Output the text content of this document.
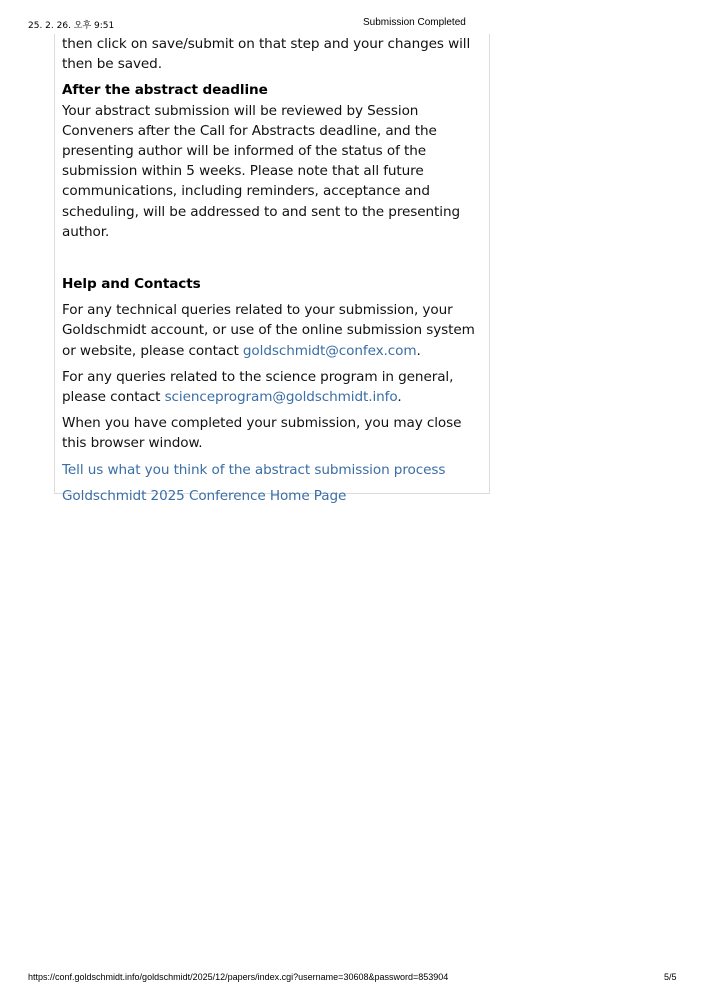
25. 2. 26. 오후 9:51	Submission Completed

then click on save/submit on that step and your changes will then be saved.

After the abstract deadline

Your abstract submission will be reviewed by Session Conveners after the Call for Abstracts deadline, and the presenting author will be informed of the status of the submission within 5 weeks. Please note that all future communications, including reminders, acceptance and scheduling, will be addressed to and sent to the presenting author.

Help and Contacts

For any technical queries related to your submission, your Goldschmidt account, or use of the online submission system or website, please contact goldschmidt@confex.com.

For any queries related to the science program in general, please contact scienceprogram@goldschmidt.info.

When you have completed your submission, you may close this browser window.

Tell us what you think of the abstract submission process

Goldschmidt 2025 Conference Home Page

https://conf.goldschmidt.info/goldschmidt/2025/12/papers/index.cgi?username=30608&password=853904	5/5
